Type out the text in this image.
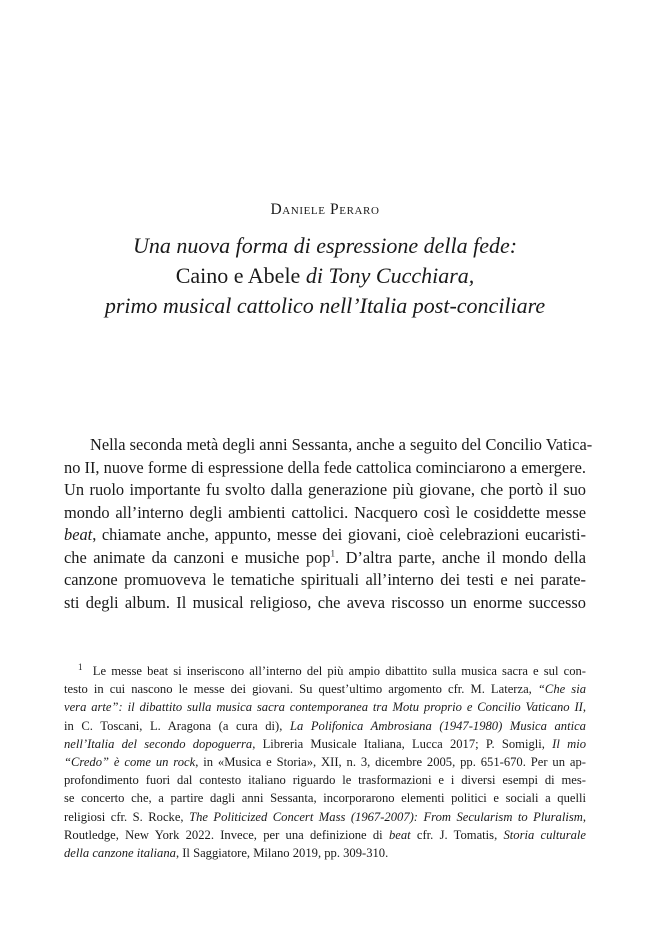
Daniele Peraro
Una nuova forma di espressione della fede:
Caino e Abele di Tony Cucchiara,
primo musical cattolico nell’Italia post-conciliare
Nella seconda metà degli anni Sessanta, anche a seguito del Concilio Vatica-
no II, nuove forme di espressione della fede cattolica cominciarono a emergere.
Un ruolo importante fu svolto dalla generazione più giovane, che portò il suo
mondo all’interno degli ambienti cattolici. Nacquero così le cosiddette messe
beat, chiamate anche, appunto, messe dei giovani, cioè celebrazioni eucaristi-
che animate da canzoni e musiche pop$^1$. D’altra parte, anche il mondo della
canzone promuoveva le tematiche spirituali all’interno dei testi e nei parate-
sti degli album. Il musical religioso, che aveva riscosso un enorme successo
$^1$ Le messe beat si inseriscono all’interno del più ampio dibattito sulla musica sacra e sul con-
testo in cui nascono le messe dei giovani. Su quest’ultimo argomento cfr. M. Laterza, “Che sia
vera arte”: il dibattito sulla musica sacra contemporanea tra Motu proprio e Concilio Vaticano II,
in C. Toscani, L. Aragona (a cura di), La Polifonica Ambrosiana (1947-1980) Musica antica
nell’Italia del secondo dopoguerra, Libreria Musicale Italiana, Lucca 2017; P. Somigli, Il mio
“Credo” è come un rock, in «Musica e Storia», XII, n. 3, dicembre 2005, pp. 651-670. Per un ap-
profondimento fuori dal contesto italiano riguardo le trasformazioni e i diversi esempi di mes-
se concerto che, a partire dagli anni Sessanta, incorporarono elementi politici e sociali a quelli
religiosi cfr. S. Rocke, The Politicized Concert Mass (1967-2007): From Secularism to Pluralism,
Routledge, New York 2022. Invece, per una definizione di beat cfr. J. Tomatis, Storia culturale
della canzone italiana, Il Saggiatore, Milano 2019, pp. 309-310.
